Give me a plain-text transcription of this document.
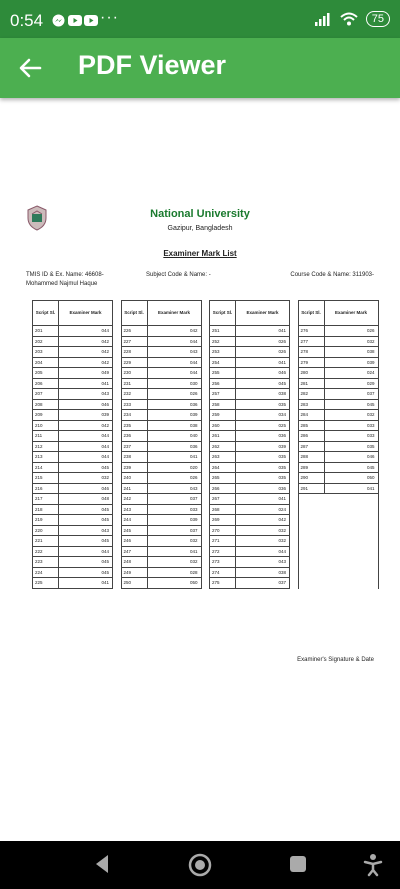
0:54	···	75
PDF Viewer
National University
Gazipur, Bangladesh
Examiner Mark List
TMIS ID & Ex. Name: 46608- Mohammed Najmul Haque
Subject Code & Name: -	Course Code & Name: 311903-
Script Sl.	Examiner Mark
201	044
202	042
203	042
204	042
205	049
206	041
207	043
208	046
209	039
210	042
211	044
212	044
213	044
214	045
215	032
216	046
217	048
218	045
219	045
220	043
221	045
222	044
223	045
224	045
225	041
Script Sl.	Examiner Mark
226	042
227	044
228	043
229	044
230	044
231	030
232	026
233	036
234	039
235	038
236	040
237	036
238	041
239	020
240	026
241	043
242	037
243	033
244	039
245	037
246	032
247	041
248	032
249	028
250	050
Script Sl.	Examiner Mark
251	041
252	026
253	026
254	041
255	046
256	045
257	038
258	035
259	034
260	025
261	036
262	039
263	035
264	035
265	035
266	036
267	041
268	024
269	042
270	032
271	032
272	044
273	043
274	038
275	037
Script Sl.	Examiner Mark
276	026
277	032
278	038
279	039
280	024
281	029
282	037
283	045
284	032
285	033
286	033
287	035
288	046
289	045
290	050
291	041
Examiner's Signature & Date
